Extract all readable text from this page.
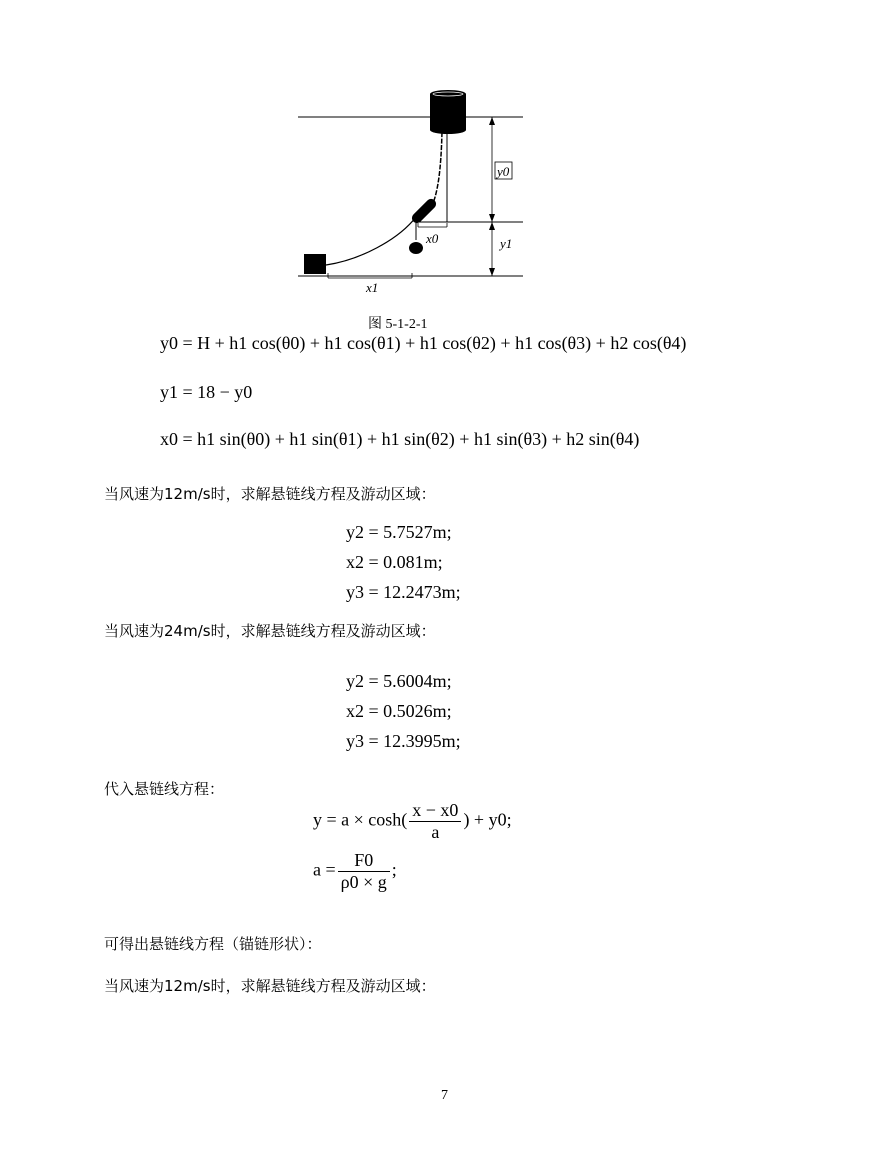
y0
y1
x0
x1
图 5-1-2-1
y0 = H + h1 cos(θ0) + h1 cos(θ1) + h1 cos(θ2) + h1 cos(θ3) + h2 cos(θ4)
y1 = 18 − y0
x0 = h1 sin(θ0) + h1 sin(θ1) + h1 sin(θ2) + h1 sin(θ3) + h2 sin(θ4)
当风速为12m/s时，求解悬链线方程及游动区域：
y2 = 5.7527m;
x2 = 0.081m;
y3 = 12.2473m;
当风速为24m/s时，求解悬链线方程及游动区域：
y2 = 5.6004m;
x2 = 0.5026m;
y3 = 12.3995m;
代入悬链线方程：
$y = a \times \cosh( \frac{x - x0}{a}$ ) + y0;
$a = \frac{F0}{\rho 0 \times g}$ ;
可得出悬链线方程（锚链形状）：
当风速为12m/s时，求解悬链线方程及游动区域：
7
